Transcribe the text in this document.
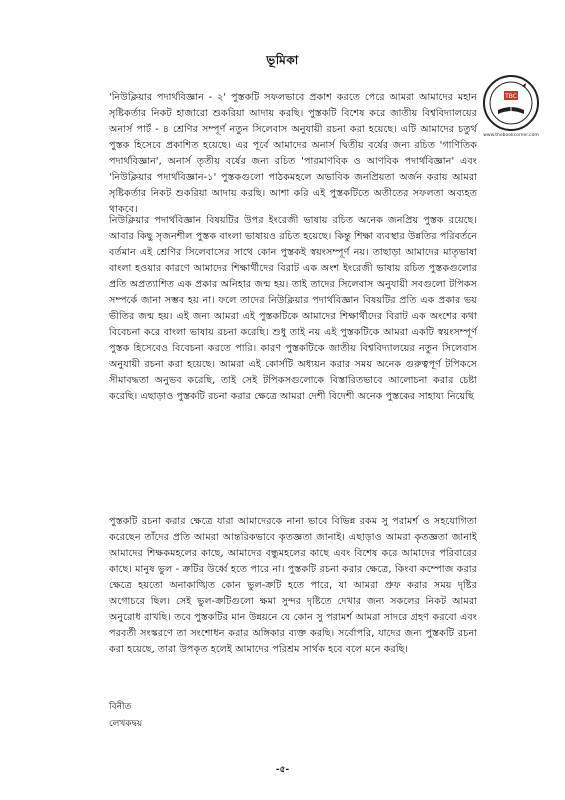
ভূমিকা

'নিউক্লিয়ার পদার্থবিজ্ঞান - ২' পুস্তকটি সফলভাবে প্রকাশ করতে পেরে আমরা আমাদের মহান সৃষ্টিকর্তার নিকট হাজারো শুকরিয়া আদায় করছি। পুস্তকটি বিশেষ করে জাতীয় বিশ্ববিদ্যালয়ের অনার্স পার্ট - ৪ শ্রেণির সম্পূর্ণ নতুন সিলেবাস অনুযায়ী রচনা করা হয়েছে। এটি আমাদের চতুর্থ পুস্তক হিসেবে প্রকাশিত হয়েছে। এর পূর্বে আমাদের অনার্স দ্বিতীয় বর্ষের জন্য রচিত 'গাণিতিক পদার্থবিজ্ঞান', অনার্স তৃতীয় বর্ষের জন্য রচিত 'পারমাণবিক ও আণবিক পদার্থবিজ্ঞান' এবং 'নিউক্লিয়ার পদার্থবিজ্ঞান-১' পুস্তকগুলো পাঠকমহলে অভাবিক জনপ্রিয়তা অর্জন করায় আমরা সৃষ্টিকর্তার নিকট শুকরিয়া আদায় করছি। আশা করি এই পুস্তকটিতে অতীতের সফলতা অব্যহত থাকবে।

নিউক্লিয়ার পদার্থবিজ্ঞান বিষয়টির উপর ইংরেজী ভাষায় রচিত অনেক জনপ্রিয় পুস্তক রয়েছে। আবার কিছু সৃজনশীল পুস্তক বাংলা ভাষায়ও রচিত হয়েছে। কিন্তু শিক্ষা ব্যবস্থার উন্নতির পরিবর্তনে বর্তমান এই শ্রেণির সিলেবাসের সাথে কোন পুস্তকই স্বয়ংসম্পূর্ণ নয়। তাছাড়া আমাদের মাতৃভাষা বাংলা হওয়ার কারণে আমাদের শিক্ষার্থীদের বিরাট এক অংশ ইংরেজী ভাষায় রচিত পুস্তকগুলোর প্রতি অপ্রত্যাশিত এক প্রকার অনিহার জন্ম হয়। তাই তাদের সিলেবাস অনুযায়ী সবগুলো টপিকস সম্পর্কে জানা সম্ভব হয় না। ফলে তাদের নিউক্লিয়ার পদার্থবিজ্ঞান বিষয়টির প্রতি এক প্রকার ভয় ভীতির জন্ম হয়। এই জন্য আমরা এই পুস্তকটিকে আমাদের শিক্ষার্থীদের বিরাট এক অংশের কথা বিবেচনা করে বাংলা ভাষায় রচনা করেছি। শুধু তাই নয় এই পুস্তকটিকে আমরা একটি স্বয়ংসম্পূর্ণ পুস্তক হিসেবেও বিবেচনা করতে পারি। কারণ পুস্তকটিকে জাতীয় বিশ্ববিদ্যালয়ের নতুন সিলেবাস অনুযায়ী রচনা করা হয়েছে। আমরা এই কোর্সটি অধ্যয়ন করার সময় অনেক গুরুত্বপূর্ণ টপিকসে সীমাবদ্ধতা অনুভব করেছি, তাই সেই টপিকসগুলোকে বিস্তারিতভাবে আলোচনা করার চেষ্টা করেছি। এছাড়াও পুস্তকটি রচনা করার ক্ষেত্রে আমরা দেশী বিদেশী অনেক পুস্তকের সাহায্য নিয়েছি

পুস্তকটি রচনা করার ক্ষেত্রে যারা আমাদেরকে নানা ভাবে বিভিন্ন রকম সু পরামর্শ ও সহযোগিতা করেছেন তাঁদের প্রতি আমরা আন্তরিকভাবে কৃতজ্ঞতা জানাই। এছাড়াও আমরা কৃতজ্ঞতা জানাই আমাদের শিক্ষকমহলের কাছে, আমাদের বন্ধুমহলের কাছে এবং বিশেষ করে আমাদের পরিবারের কাছে। মানুষ ভুল - ক্রটির উর্ধ্বে হতে পারে না। পুস্তকটি রচনা করার ক্ষেত্রে, কিংবা কম্পোজ করার ক্ষেত্রে হয়তো অনাকাঙ্খিত কোন ভুল-ক্রটি হতে পারে, যা আমরা প্রুফ করার সময় দৃষ্টির অগোচরে ছিল। সেই ভুল-ক্রটিগুলো ক্ষমা সুন্দর দৃষ্টিতে দেখার জন্য সকলের নিকট আমরা অনুরোধ রাখছি। তবে পুস্তকটির মান উন্নয়নে যে কোন সু পরামর্শ আমরা সাদরে গ্রহণ করবো এবং পরবর্তী সংস্করণে তা সংশোধন করার অঙ্গিকার ব্যক্ত করছি। সর্বোপরি, যাদের জন্য পুস্তকটি রচনা করা হয়েছে, তারা উপকৃত হলেই আমাদের পরিশ্রম সার্থক হবে বলে মনে করছি।

বিনীত
লেখকদ্বয়
-৫-
TBC
www.thebookcorner.com
